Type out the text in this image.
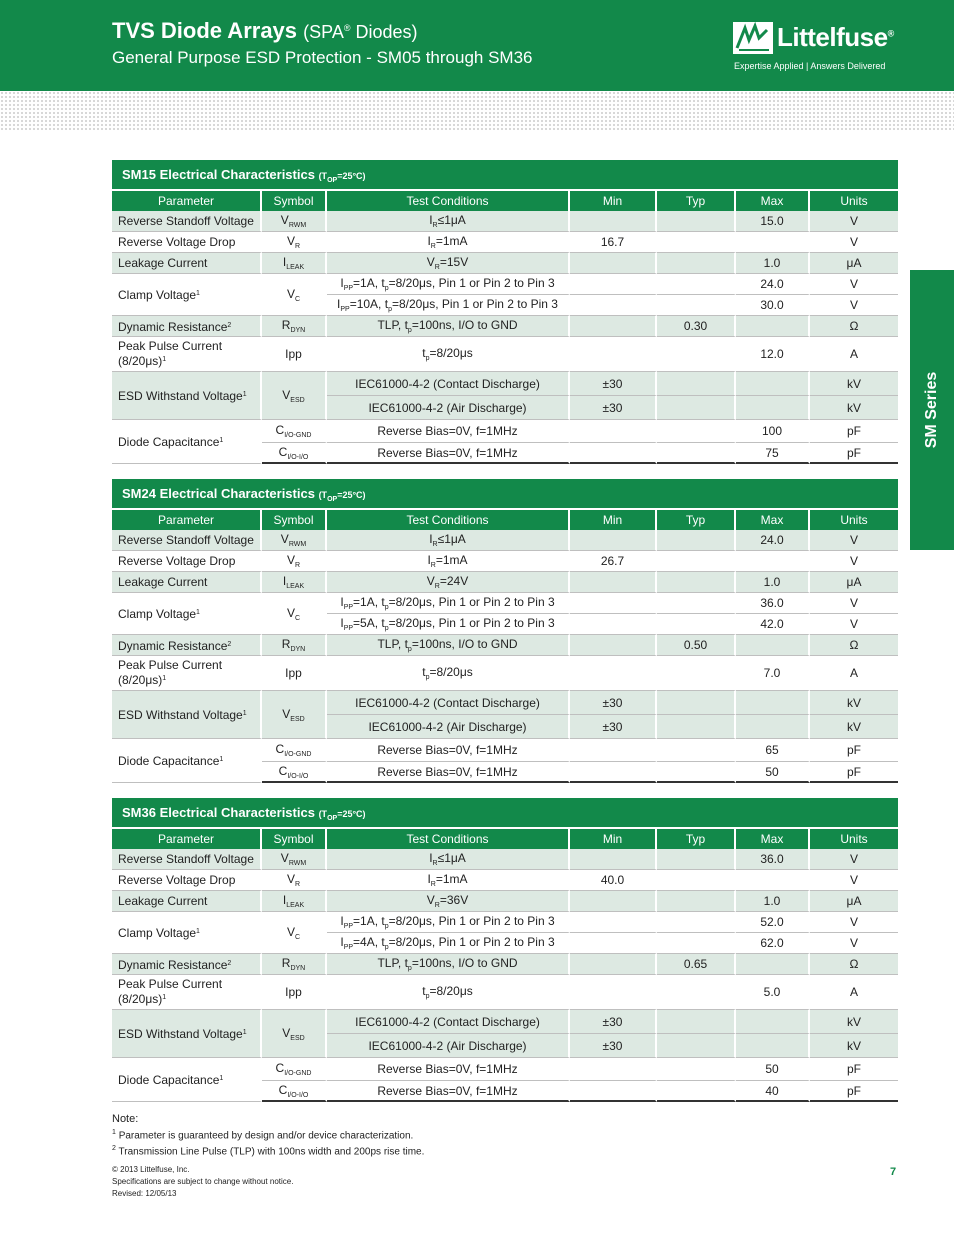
TVS Diode Arrays (SPA® Diodes)
General Purpose ESD Protection - SM05 through SM36
Littelfuse®
Expertise Applied | Answers Delivered
SM Series
SM15 Electrical Characteristics $(T_{OP}=25^\circ C)$
Parameter	Symbol	Test Conditions	Min	Typ	Max	Units
Reverse Standoff Voltage	$V_{RWM}$	$I_R\le 1\mu A$			15.0	V
Reverse Voltage Drop	$V_R$	$I_R=1mA$	16.7			V
Leakage Current	$I_{LEAK}$	$V_R=15V$			1.0	μA
Clamp Voltage$^1$	$V_C$	$I_{PP}=1A$, $t_p=8/20\mu s$, Pin 1 or Pin 2 to Pin 3			24.0	V
		$I_{PP}=10A$, $t_p=8/20\mu s$, Pin 1 or Pin 2 to Pin 3			30.0	V
Dynamic Resistance$^2$	$R_{DYN}$	TLP, $t_p=100ns$, I/O to GND		0.30		Ω
Peak Pulse Current $(8/20\mu s)^1$	Ipp	$t_p=8/20\mu s$			12.0	A
ESD Withstand Voltage$^1$	$V_{ESD}$	IEC61000-4-2 (Contact Discharge)	±30			kV
		IEC61000-4-2 (Air Discharge)	±30			kV
Diode Capacitance$^1$	$C_{I/O-GND}$	Reverse Bias=0V, f=1MHz			100	pF
	$C_{I/O-I/O}$	Reverse Bias=0V, f=1MHz			75	pF
SM24 Electrical Characteristics $(T_{OP}=25^\circ C)$
Parameter	Symbol	Test Conditions	Min	Typ	Max	Units
Reverse Standoff Voltage	$V_{RWM}$	$I_R\le 1\mu A$			24.0	V
Reverse Voltage Drop	$V_R$	$I_R=1mA$	26.7			V
Leakage Current	$I_{LEAK}$	$V_R=24V$			1.0	μA
Clamp Voltage$^1$	$V_C$	$I_{PP}=1A$, $t_p=8/20\mu s$, Pin 1 or Pin 2 to Pin 3			36.0	V
		$I_{PP}=5A$, $t_p=8/20\mu s$, Pin 1 or Pin 2 to Pin 3			42.0	V
Dynamic Resistance$^2$	$R_{DYN}$	TLP, $t_p=100ns$, I/O to GND		0.50		Ω
Peak Pulse Current $(8/20\mu s)^1$	Ipp	$t_p=8/20\mu s$			7.0	A
ESD Withstand Voltage$^1$	$V_{ESD}$	IEC61000-4-2 (Contact Discharge)	±30			kV
		IEC61000-4-2 (Air Discharge)	±30			kV
Diode Capacitance$^1$	$C_{I/O-GND}$	Reverse Bias=0V, f=1MHz			65	pF
	$C_{I/O-I/O}$	Reverse Bias=0V, f=1MHz			50	pF
SM36 Electrical Characteristics $(T_{OP}=25^\circ C)$
Parameter	Symbol	Test Conditions	Min	Typ	Max	Units
Reverse Standoff Voltage	$V_{RWM}$	$I_R\le 1\mu A$			36.0	V
Reverse Voltage Drop	$V_R$	$I_R=1mA$	40.0			V
Leakage Current	$I_{LEAK}$	$V_R=36V$			1.0	μA
Clamp Voltage$^1$	$V_C$	$I_{PP}=1A$, $t_p=8/20\mu s$, Pin 1 or Pin 2 to Pin 3			52.0	V
		$I_{PP}=4A$, $t_p=8/20\mu s$, Pin 1 or Pin 2 to Pin 3			62.0	V
Dynamic Resistance$^2$	$R_{DYN}$	TLP, $t_p=100ns$, I/O to GND		0.65		Ω
Peak Pulse Current $(8/20\mu s)^1$	Ipp	$t_p=8/20\mu s$			5.0	A
ESD Withstand Voltage$^1$	$V_{ESD}$	IEC61000-4-2 (Contact Discharge)	±30			kV
		IEC61000-4-2 (Air Discharge)	±30			kV
Diode Capacitance$^1$	$C_{I/O-GND}$	Reverse Bias=0V, f=1MHz			50	pF
	$C_{I/O-I/O}$	Reverse Bias=0V, f=1MHz			40	pF
Note:
$^1$ Parameter is guaranteed by design and/or device characterization.
$^2$ Transmission Line Pulse (TLP) with 100ns width and 200ps rise time.
© 2013 Littelfuse, Inc.
Specifications are subject to change without notice.
Revised: 12/05/13
7
